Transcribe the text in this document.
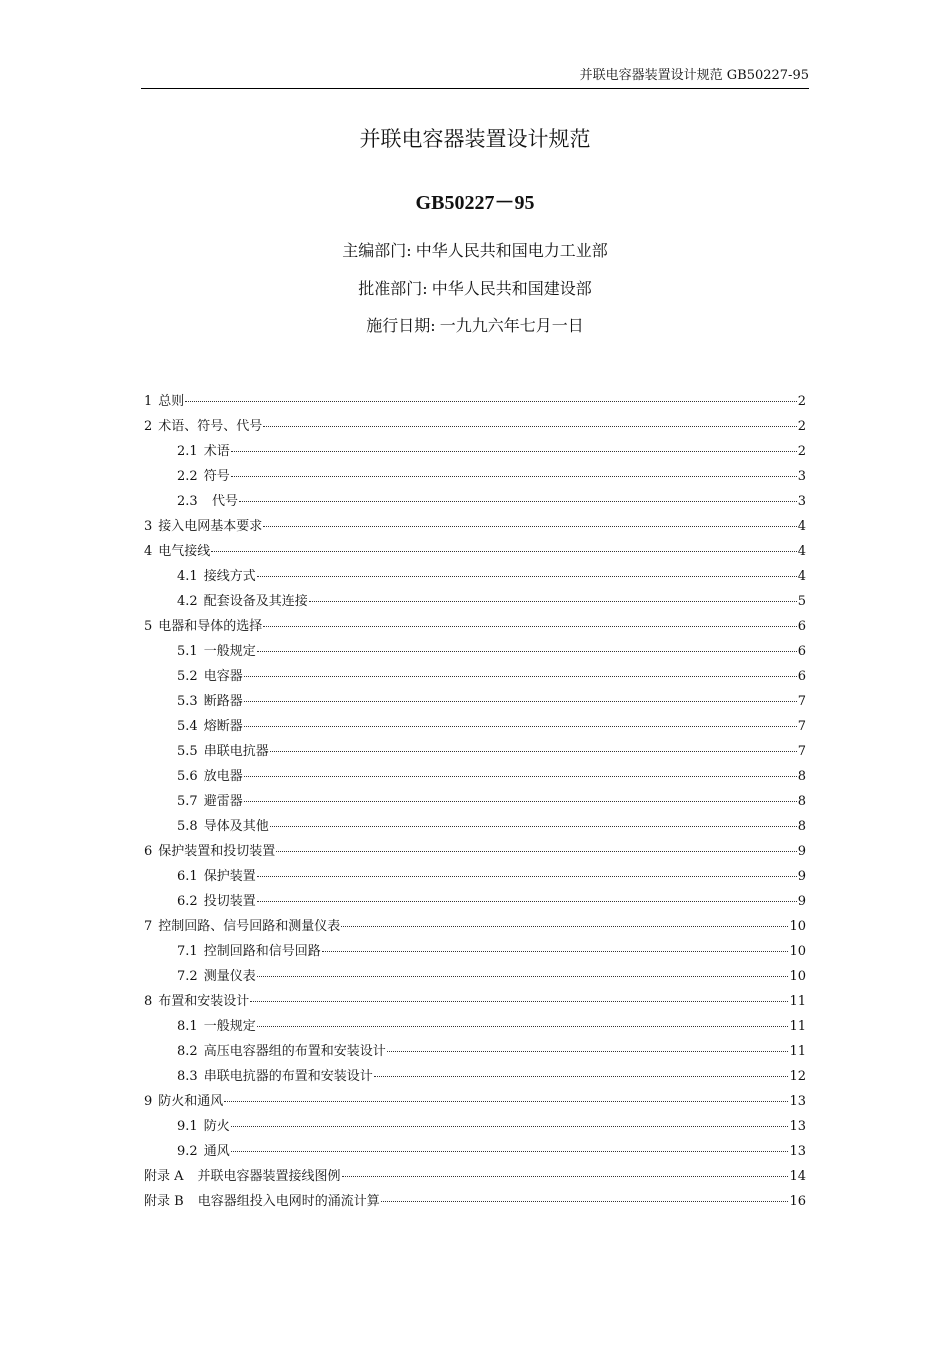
并联电容器装置设计规范 GB50227-95
并联电容器装置设计规范
GB50227－95
主编部门: 中华人民共和国电力工业部
批准部门: 中华人民共和国建设部
施行日期: 一九九六年七月一日
1 总则	2
2 术语、符号、代号	2
2.1 术语	2
2.2 符号	3
2.3 代号	3
3 接入电网基本要求	4
4 电气接线	4
4.1 接线方式	4
4.2 配套设备及其连接	5
5 电器和导体的选择	6
5.1 一般规定	6
5.2 电容器	6
5.3 断路器	7
5.4 熔断器	7
5.5 串联电抗器	7
5.6 放电器	8
5.7 避雷器	8
5.8 导体及其他	8
6 保护装置和投切装置	9
6.1 保护装置	9
6.2 投切装置	9
7 控制回路、信号回路和测量仪表	10
7.1 控制回路和信号回路	10
7.2 测量仪表	10
8 布置和安装设计	11
8.1 一般规定	11
8.2 高压电容器组的布置和安装设计	11
8.3 串联电抗器的布置和安装设计	12
9 防火和通风	13
9.1 防火	13
9.2 通风	13
附录 A 并联电容器装置接线图例	14
附录 B 电容器组投入电网时的涌流计算	16
